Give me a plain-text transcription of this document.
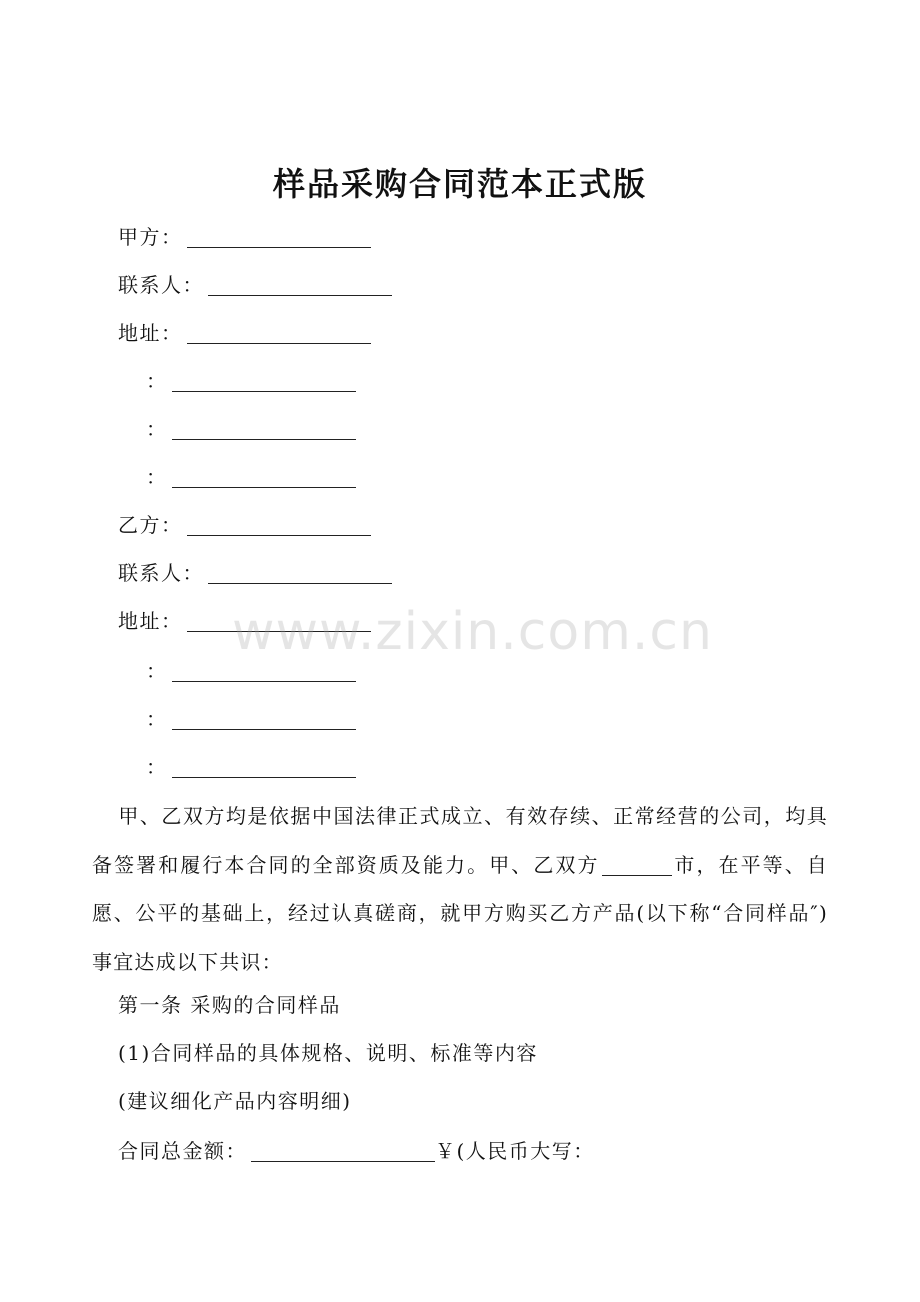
样品采购合同范本正式版
甲方：
联系人：
地址：
：
：
：
乙方：
联系人：
地址：
：
：
：
甲、乙双方均是依据中国法律正式成立、有效存续、正常经营的公司，均具备签署和履行本合同的全部资质及能力。甲、乙双方	市，在平等、自愿、公平的基础上，经过认真磋商，就甲方购买乙方产品(以下称“合同样品″)事宜达成以下共识：
第一条 采购的合同样品
(1)合同样品的具体规格、说明、标准等内容
(建议细化产品内容明细)
合同总金额：	￥(人民币大写：
www.zixin.com.cn
